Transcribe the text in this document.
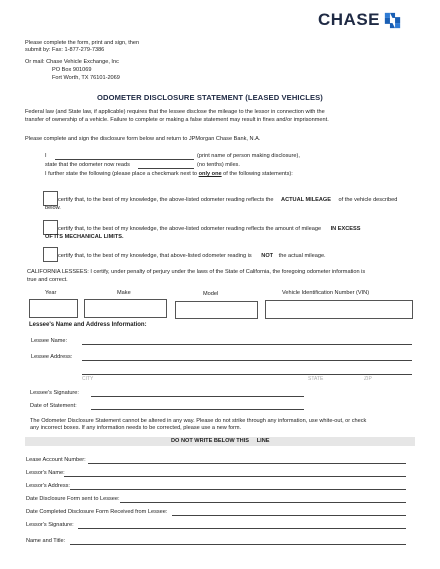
CHASE
Please complete the form, print and sign, then
submit by: Fax: 1-877-279-7386
Or mail: Chase Vehicle Exchange, Inc
PO Box 901069
Fort Worth, TX 76101-2069
ODOMETER DISCLOSURE STATEMENT (LEASED VEHICLES)
Federal law (and State law, if applicable) requires that the lessee disclose the mileage to the lessor in connection with the
transfer of ownership of a vehicle. Failure to complete or making a false statement may result in fines and/or imprisonment.
Please complete and sign the disclosure form below and return to JPMorgan Chase Bank, N.A.
I	(print name of person making disclosure),
state that the odometer now reads	(no tenths) miles.
I further state the following (please place a checkmark next to only one of the following statements):
certify that, to the best of my knowledge, the above-listed odometer reading reflects the ACTUAL MILEAGE of the vehicle described
below.
certify that, to the best of my knowledge, the above-listed odometer reading reflects the amount of mileage IN EXCESS
OF ITS MECHANICAL LIMITS.
certify that, to the best of my knowledge, that above-listed odometer reading is NOT the actual mileage.
CALIFORNIA LESSEES: I certify, under penalty of perjury under the laws of the State of California, the foregoing odometer information is
true and correct.
Year	Make	Model	Vehicle Identification Number (VIN)
Lessee's Name and Address Information:
Lessee Name:
Lessee Address:
CITY	STATE	ZIP
Lessee's Signature:
Date of Statement:
The Odometer Disclosure Statement cannot be altered in any way. Please do not strike through any information, use white-out, or check
any incorrect boxes. If any information needs to be corrected, please use a new form.
DO NOT WRITE BELOW THIS     LINE
Lease Account Number:
Lessor's Name:
Lessor's Address:
Date Disclosure Form sent to Lessee:
Date Completed Disclosure Form Received from Lessee:
Lessor's Signature:
Name and Title:
